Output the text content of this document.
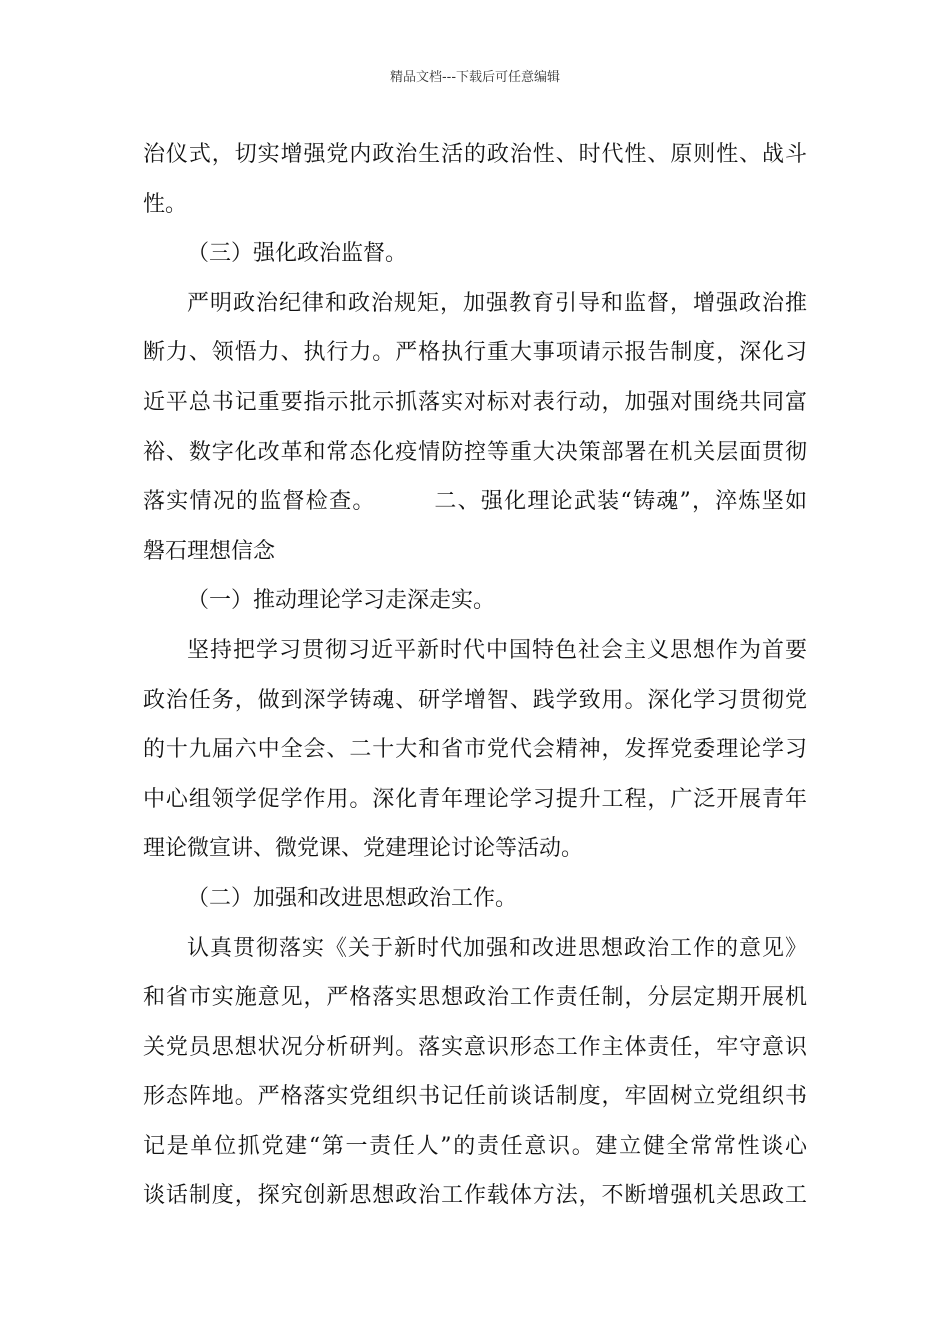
精品文档---下载后可任意编辑
治仪式，切实增强党内政治生活的政治性、时代性、原则性、战斗
性。
（三）强化政治监督。
严明政治纪律和政治规矩，加强教育引导和监督，增强政治推
断力、领悟力、执行力。严格执行重大事项请示报告制度，深化习
近平总书记重要指示批示抓落实对标对表行动，加强对围绕共同富
裕、数字化改革和常态化疫情防控等重大决策部署在机关层面贯彻
落实情况的监督检查。　　　二、强化理论武装“铸魂”，淬炼坚如
磐石理想信念
（一）推动理论学习走深走实。
坚持把学习贯彻习近平新时代中国特色社会主义思想作为首要
政治任务，做到深学铸魂、研学增智、践学致用。深化学习贯彻党
的十九届六中全会、二十大和省市党代会精神，发挥党委理论学习
中心组领学促学作用。深化青年理论学习提升工程，广泛开展青年
理论微宣讲、微党课、党建理论讨论等活动。
（二）加强和改进思想政治工作。
认真贯彻落实《关于新时代加强和改进思想政治工作的意见》
和省市实施意见，严格落实思想政治工作责任制，分层定期开展机
关党员思想状况分析研判。落实意识形态工作主体责任，牢守意识
形态阵地。严格落实党组织书记任前谈话制度，牢固树立党组织书
记是单位抓党建“第一责任人”的责任意识。建立健全常常性谈心
谈话制度，探究创新思想政治工作载体方法，不断增强机关思政工
